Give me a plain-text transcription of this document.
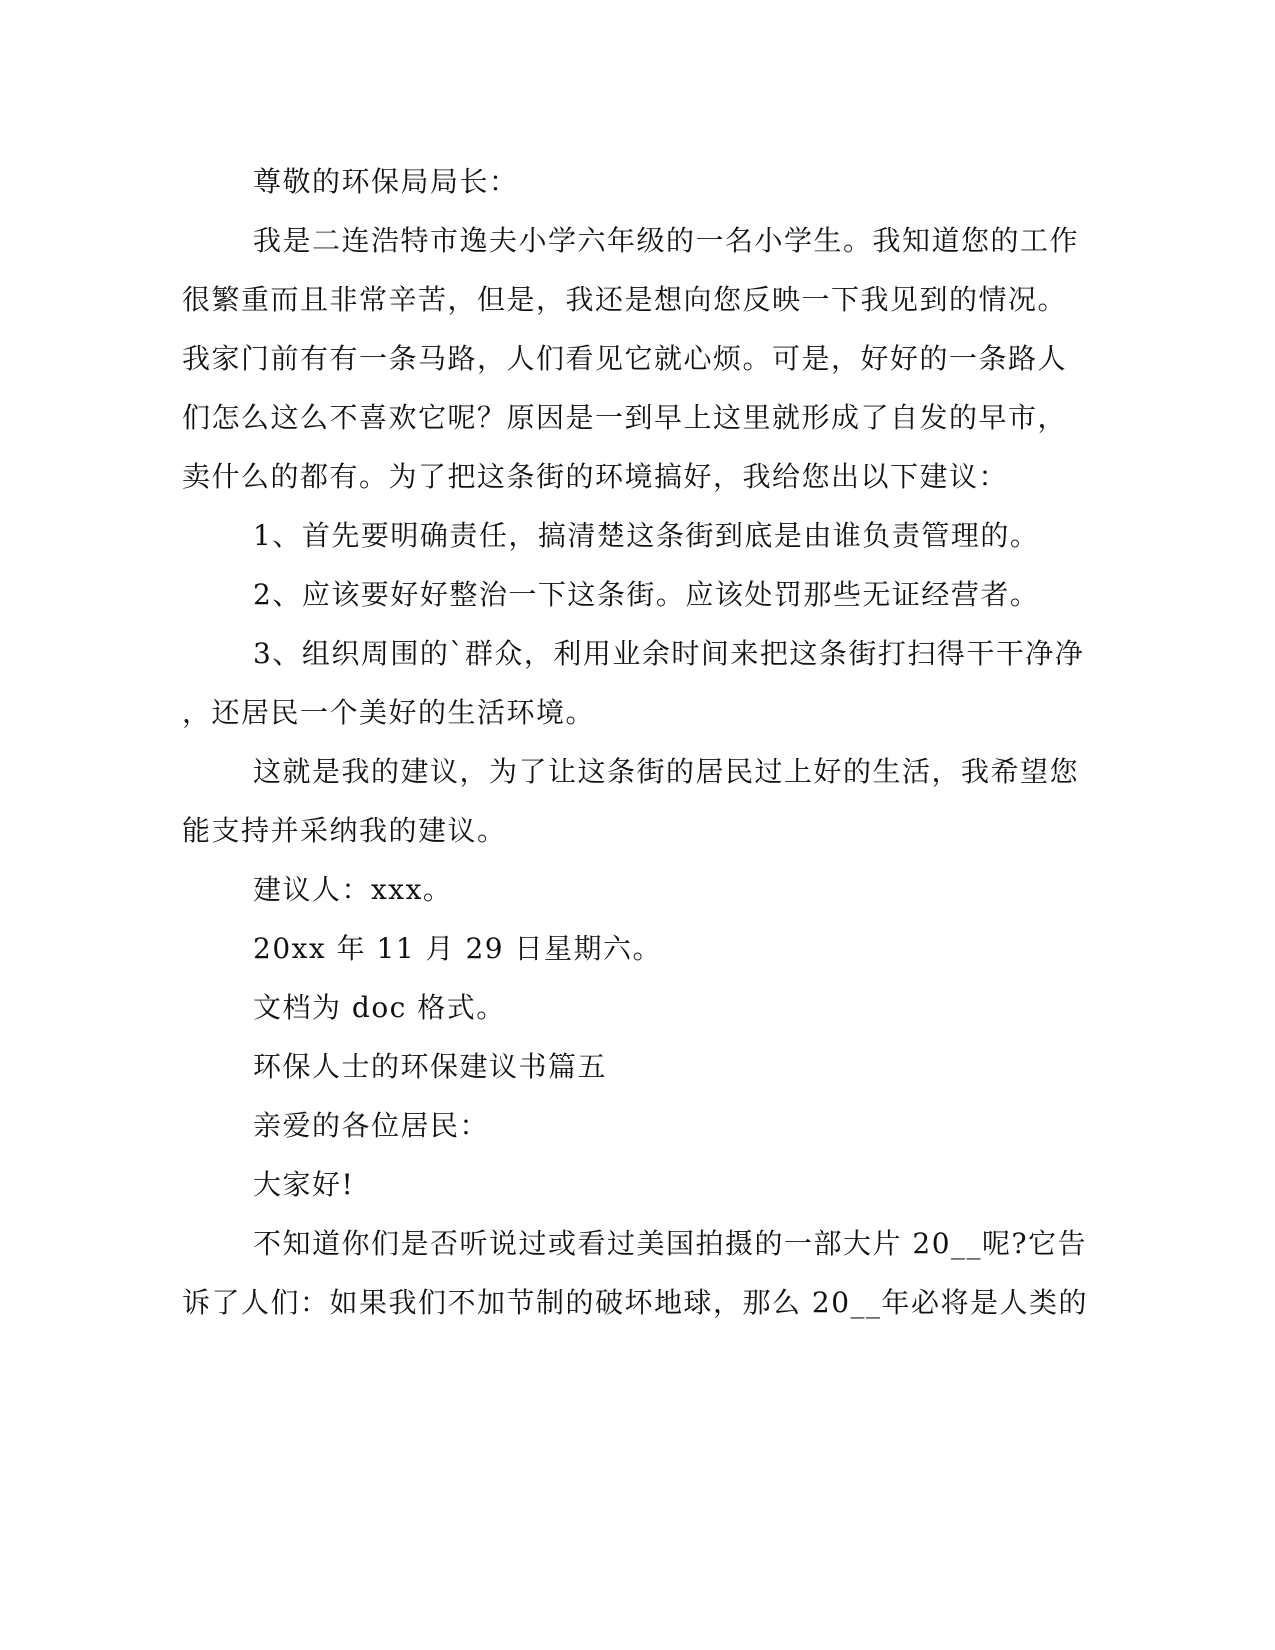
尊敬的环保局局长：

我是二连浩特市逸夫小学六年级的一名小学生。我知道您的工作

很繁重而且非常辛苦，但是，我还是想向您反映一下我见到的情况。

我家门前有有一条马路，人们看见它就心烦。可是，好好的一条路人

们怎么这么不喜欢它呢？原因是一到早上这里就形成了自发的早市，

卖什么的都有。为了把这条街的环境搞好，我给您出以下建议：

1、首先要明确责任，搞清楚这条街到底是由谁负责管理的。

2、应该要好好整治一下这条街。应该处罚那些无证经营者。

3、组织周围的`群众，利用业余时间来把这条街打扫得干干净净

，还居民一个美好的生活环境。

这就是我的建议，为了让这条街的居民过上好的生活，我希望您

能支持并采纳我的建议。

建议人：xxx。

20xx 年 11 月 29 日星期六。

文档为 doc 格式。

环保人士的环保建议书篇五

亲爱的各位居民：

大家好!

不知道你们是否听说过或看过美国拍摄的一部大片 20__呢?它告

诉了人们：如果我们不加节制的破坏地球，那么 20__年必将是人类的
